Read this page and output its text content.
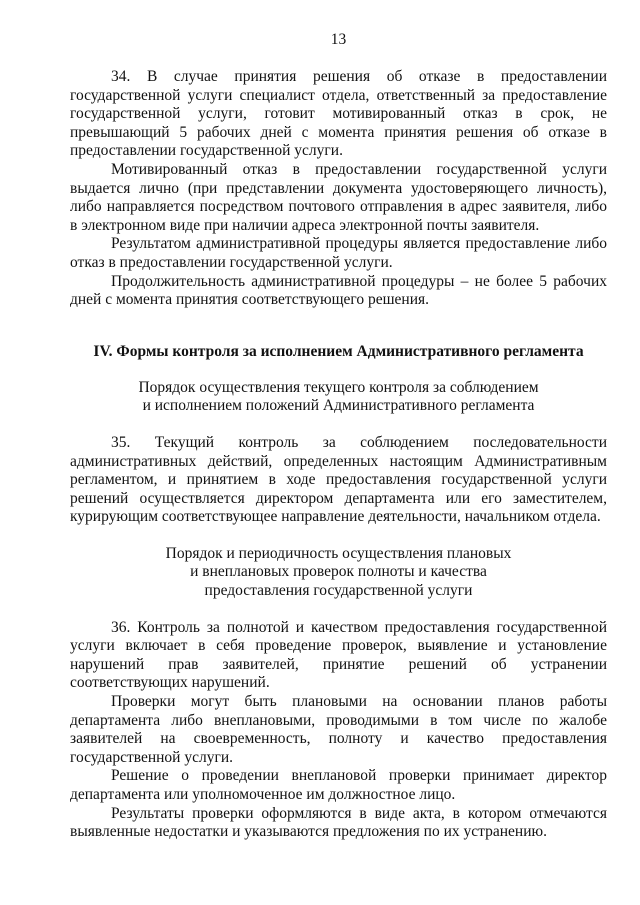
13

34. В случае принятия решения об отказе в предоставлении государственной услуги специалист отдела, ответственный за предоставление государственной услуги, готовит мотивированный отказ в срок, не превышающий 5 рабочих дней с момента принятия решения об отказе в предоставлении государственной услуги.

Мотивированный отказ в предоставлении государственной услуги выдается лично (при представлении документа удостоверяющего личность), либо направляется посредством почтового отправления в адрес заявителя, либо в электронном виде при наличии адреса электронной почты заявителя.

Результатом административной процедуры является предоставление либо отказ в предоставлении государственной услуги.

Продолжительность административной процедуры – не более 5 рабочих дней с момента принятия соответствующего решения.

IV. Формы контроля за исполнением Административного регламента
Порядок осуществления текущего контроля за соблюдением
и исполнением положений Административного регламента

35. Текущий контроль за соблюдением последовательности административных действий, определенных настоящим Административным регламентом, и принятием в ходе предоставления государственной услуги решений осуществляется директором департамента или его заместителем, курирующим соответствующее направление деятельности, начальником отдела.

Порядок и периодичность осуществления плановых
и внеплановых проверок полноты и качества
предоставления государственной услуги

36. Контроль за полнотой и качеством предоставления государственной услуги включает в себя проведение проверок, выявление и установление нарушений прав заявителей, принятие решений об устранении соответствующих нарушений.

Проверки могут быть плановыми на основании планов работы департамента либо внеплановыми, проводимыми в том числе по жалобе заявителей на своевременность, полноту и качество предоставления государственной услуги.

Решение о проведении внеплановой проверки принимает директор департамента или уполномоченное им должностное лицо.

Результаты проверки оформляются в виде акта, в котором отмечаются выявленные недостатки и указываются предложения по их устранению.
